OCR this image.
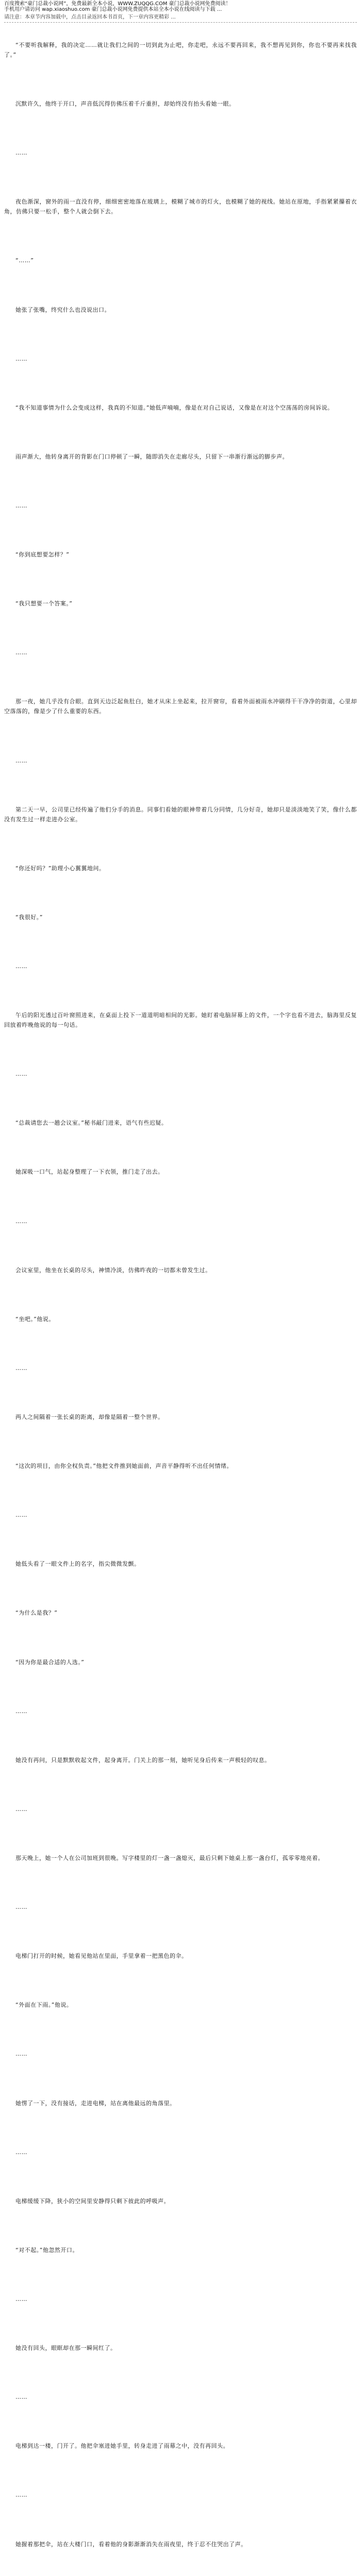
百度搜索“豪门总裁小说网”，免费最新全本小说，WWW.ZUQQG.COM 豪门总裁小说网免费阅读！
手机用户请访问 wap.xiaoshuo.com 豪门总裁小说网免费提供本站全本小说在线阅读与下载 ...
请注意：本章节内容加载中，点击目录返回本书首页，下一章内容更精彩 ...

“不要听我解释，我的决定……就让我们之间的一切到此为止吧，你走吧，永远不要再回来，我不想再见到你，你也不要再来找我了。”

沉默许久，他终于开口，声音低沉得仿佛压着千斤重担，却始终没有抬头看她一眼。

……

夜色渐深，窗外的雨一直没有停，细细密密地落在玻璃上，模糊了城市的灯火，也模糊了她的视线。她站在原地，手指紧紧攥着衣角，仿佛只要一松手，整个人就会倒下去。

“……”

她张了张嘴，终究什么也没说出口。

……

“我不知道事情为什么会变成这样，我真的不知道。”她低声喃喃，像是在对自己说话，又像是在对这个空荡荡的房间诉说。

雨声渐大，他转身离开的背影在门口停顿了一瞬，随即消失在走廊尽头，只留下一串渐行渐远的脚步声。

……

“你到底想要怎样？”

“我只想要一个答案。”

……

那一夜，她几乎没有合眼。直到天边泛起鱼肚白，她才从床上坐起来，拉开窗帘，看着外面被雨水冲刷得干干净净的街道，心里却空落落的，像是少了什么重要的东西。

……

第二天一早，公司里已经传遍了他们分手的消息。同事们看她的眼神带着几分同情，几分好奇，她却只是淡淡地笑了笑，像什么都没有发生过一样走进办公室。

“你还好吗？”助理小心翼翼地问。

“我很好。”

……

午后的阳光透过百叶窗照进来，在桌面上投下一道道明暗相间的光影。她盯着电脑屏幕上的文件，一个字也看不进去，脑海里反复回放着昨晚他说的每一句话。

……

“总裁请您去一趟会议室。”秘书敲门进来，语气有些迟疑。

她深吸一口气，站起身整理了一下衣领，推门走了出去。

……

会议室里，他坐在长桌的尽头，神情冷淡，仿佛昨夜的一切都未曾发生过。

“坐吧。”他说。

……

两人之间隔着一张长桌的距离，却像是隔着一整个世界。

“这次的项目，由你全权负责。”他把文件推到她面前，声音平静得听不出任何情绪。

……

她低头看了一眼文件上的名字，指尖微微发颤。

“为什么是我？”

“因为你是最合适的人选。”

……

她没有再问，只是默默收起文件，起身离开。门关上的那一刻，她听见身后传来一声极轻的叹息。

……

那天晚上，她一个人在公司加班到很晚。写字楼里的灯一盏一盏熄灭，最后只剩下她桌上那一盏台灯，孤零零地亮着。

……

电梯门打开的时候，她看见他站在里面，手里拿着一把黑色的伞。

“外面在下雨。”他说。

……

她愣了一下，没有接话，走进电梯，站在离他最远的角落里。

……

电梯缓缓下降，狭小的空间里安静得只剩下彼此的呼吸声。

“对不起。”他忽然开口。

……

她没有回头，眼眶却在那一瞬间红了。

……

电梯到达一楼，门开了。他把伞塞进她手里，转身走进了雨幕之中，没有再回头。

……

她握着那把伞，站在大楼门口，看着他的身影渐渐消失在雨夜里，终于忍不住哭出了声。
